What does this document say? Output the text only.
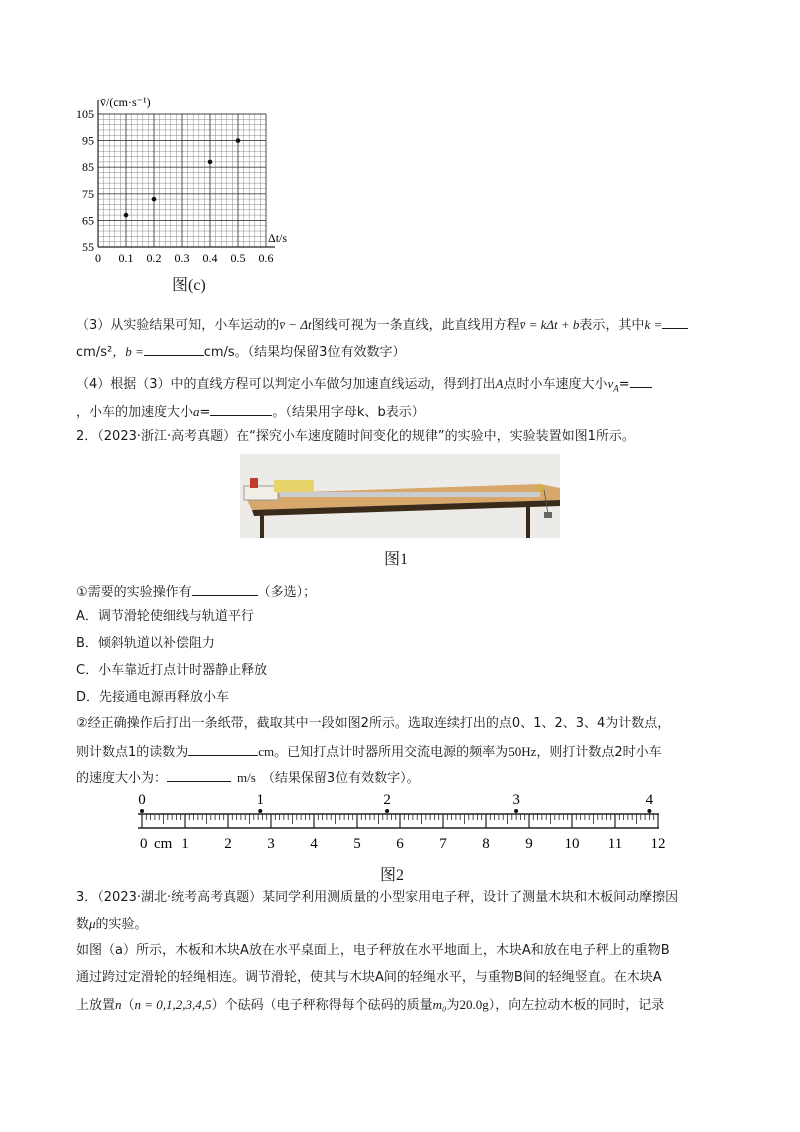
v̄/(cm·s⁻¹)
Δt/s
105
95
85
75
65
55
0 0.1 0.2 0.3 0.4 0.5 0.6
图(c)
（3）从实验结果可知，小车运动的v̄ − Δt图线可视为一条直线，此直线用方程v̄ = kΔt + b表示，其中k =
cm/s²，b =	cm/s。（结果均保留3位有效数字）
（4）根据（3）中的直线方程可以判定小车做匀加速直线运动，得到打出A点时小车速度大小$v_A=$
，小车的加速度大小a=	。（结果用字母k、b表示）
2．（2023·浙江·高考真题）在“探究小车速度随时间变化的规律”的实验中，实验装置如图1所示。
图1
①需要的实验操作有	（多选）；
A．调节滑轮使细线与轨道平行
B．倾斜轨道以补偿阻力
C．小车靠近打点计时器静止释放
D．先接通电源再释放小车
②经正确操作后打出一条纸带，截取其中一段如图2所示。选取连续打出的点0、1、2、3、4为计数点，
则计数点1的读数为	cm。已知打点计时器所用交流电源的频率为50Hz，则打计数点2时小车
的速度大小为：	m/s （结果保留3位有效数字）。
0	1	2	3	4
0 1 2 3 4 5 6 7 8 9 10 11 12
cm
图2
3．（2023·湖北·统考高考真题）某同学利用测质量的小型家用电子秤，设计了测量木块和木板间动摩擦因
数μ的实验。
如图（a）所示，木板和木块A放在水平桌面上，电子秤放在水平地面上，木块A和放在电子秤上的重物B
通过跨过定滑轮的轻绳相连。调节滑轮，使其与木块A间的轻绳水平，与重物B间的轻绳竖直。在木块A
上放置n（n = 0,1,2,3,4,5）个砝码（电子秤称得每个砝码的质量m₀为20.0g），向左拉动木板的同时，记录
